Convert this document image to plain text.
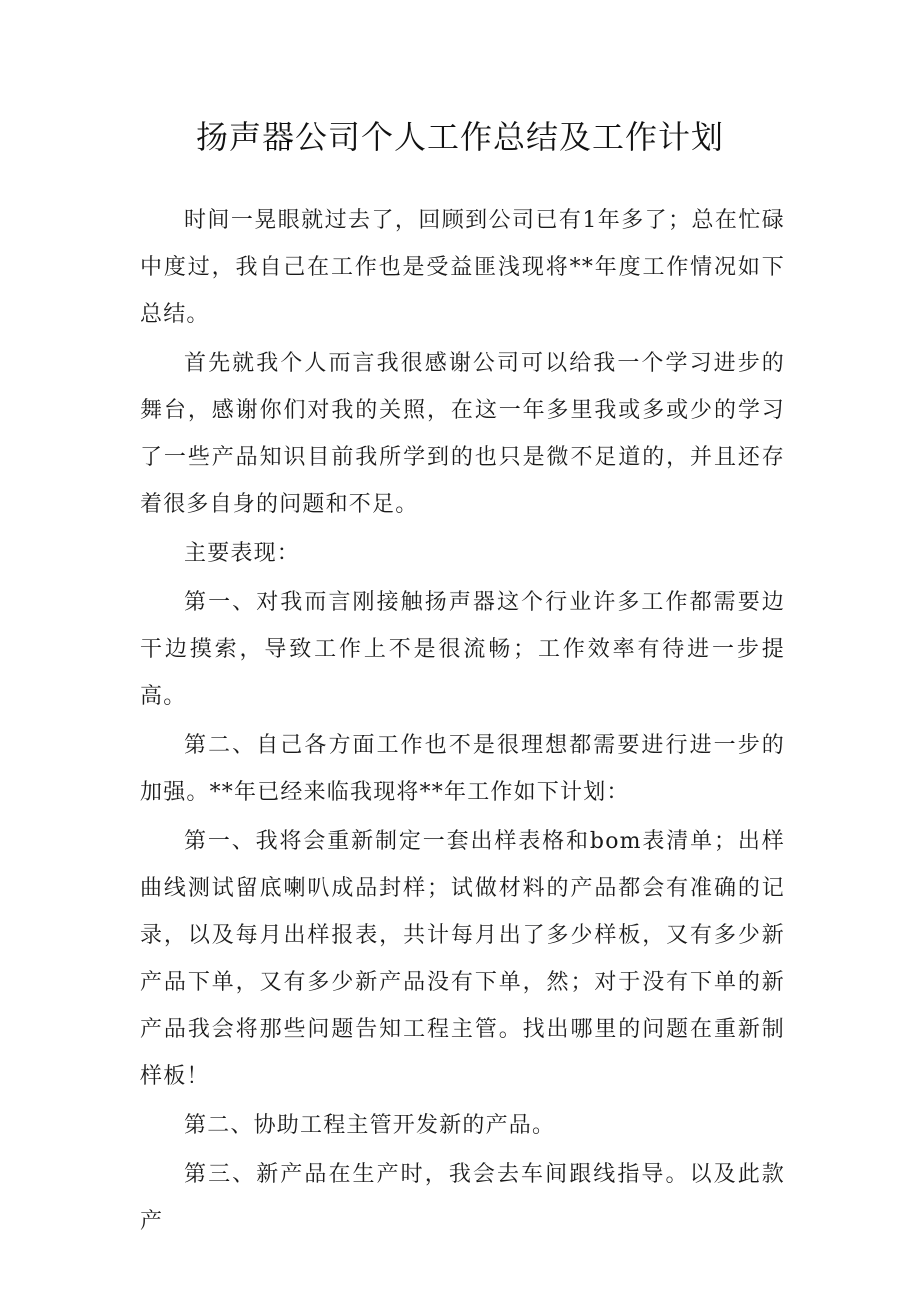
扬声器公司个人工作总结及工作计划

时间一晃眼就过去了，回顾到公司已有1年多了；总在忙碌中度过，我自己在工作也是受益匪浅现将**年度工作情况如下总结。

首先就我个人而言我很感谢公司可以给我一个学习进步的舞台，感谢你们对我的关照，在这一年多里我或多或少的学习了一些产品知识目前我所学到的也只是微不足道的，并且还存着很多自身的问题和不足。

主要表现：

第一、对我而言刚接触扬声器这个行业许多工作都需要边干边摸索，导致工作上不是很流畅；工作效率有待进一步提高。

第二、自己各方面工作也不是很理想都需要进行进一步的加强。**年已经来临我现将**年工作如下计划：

第一、我将会重新制定一套出样表格和bom表清单；出样曲线测试留底喇叭成品封样；试做材料的产品都会有准确的记录，以及每月出样报表，共计每月出了多少样板，又有多少新产品下单，又有多少新产品没有下单，然；对于没有下单的新产品我会将那些问题告知工程主管。找出哪里的问题在重新制样板！

第二、协助工程主管开发新的产品。

第三、新产品在生产时，我会去车间跟线指导。以及此款产
